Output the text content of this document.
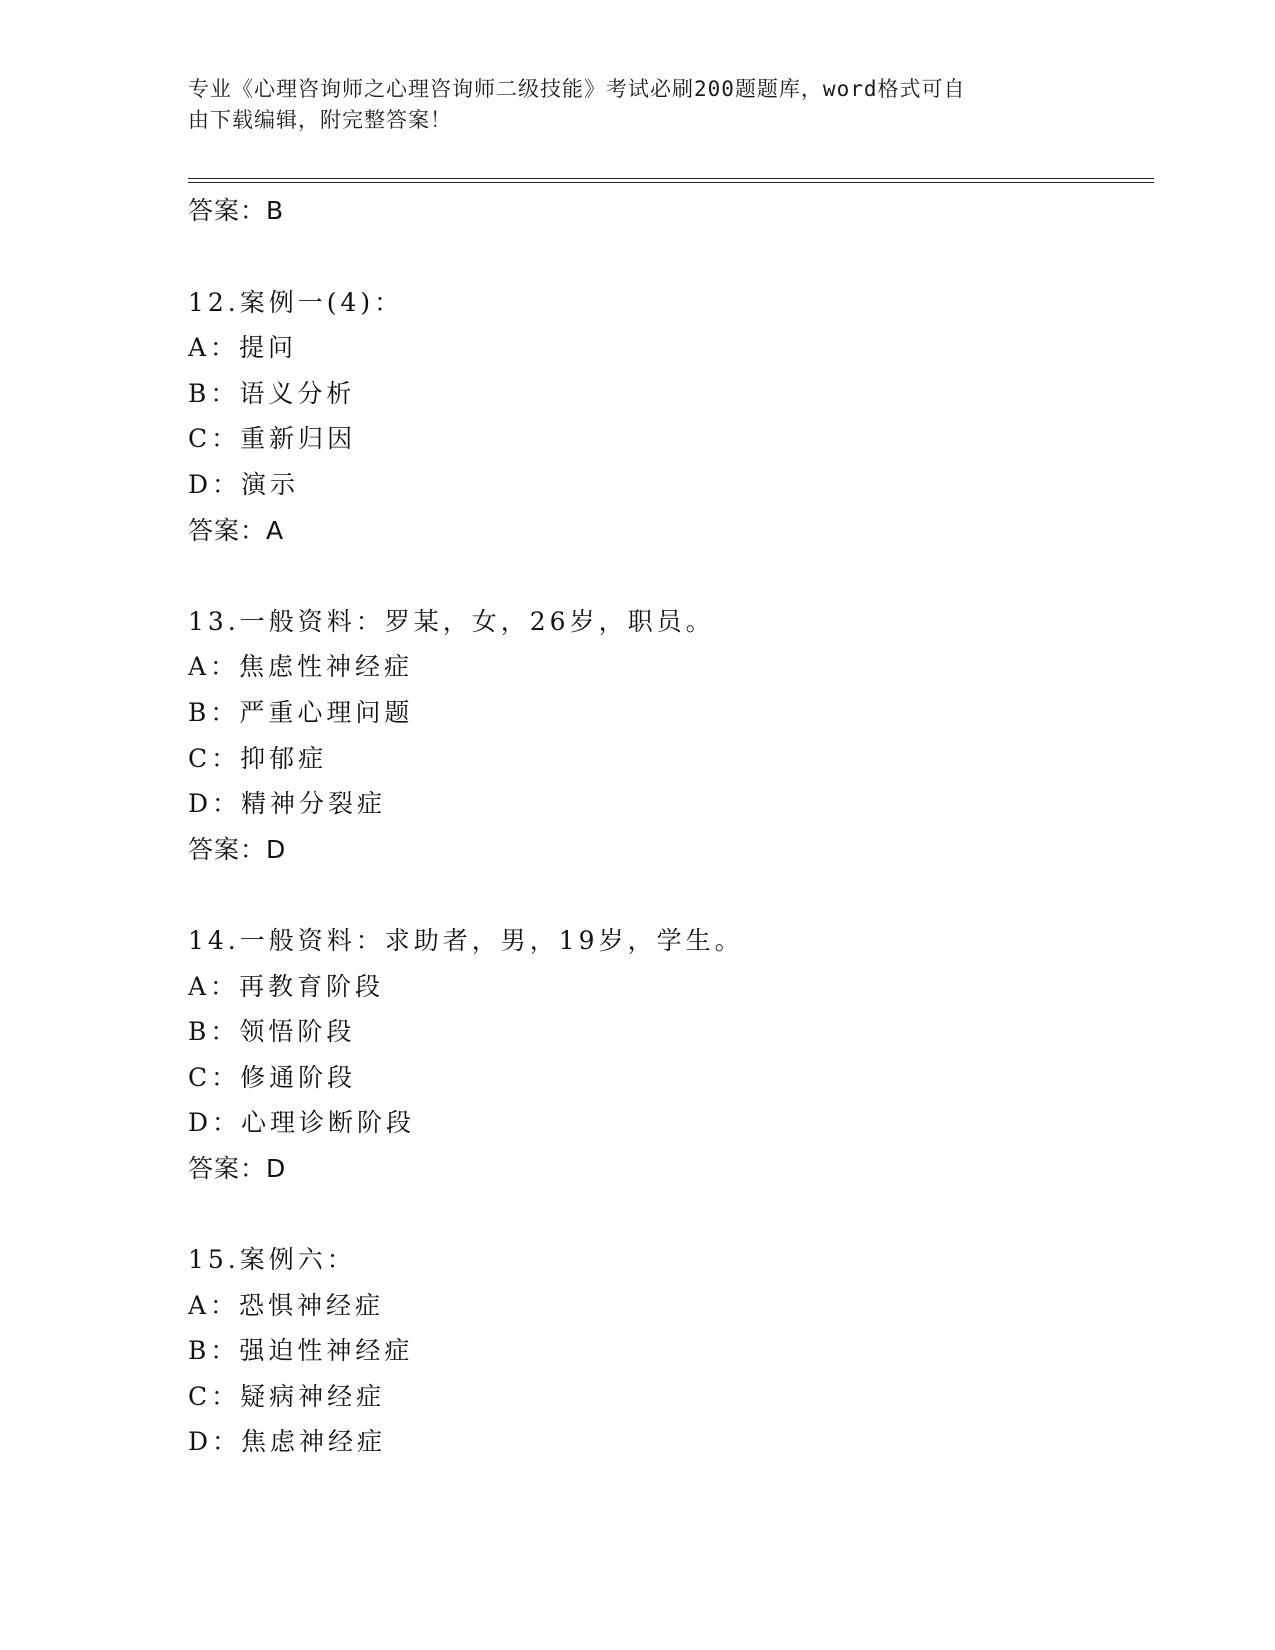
专业《心理咨询师之心理咨询师二级技能》考试必刷200题题库，word格式可自
由下载编辑，附完整答案！
答案：B
12.案例一(4)：
A：提问
B：语义分析
C：重新归因
D：演示
答案：A
13.一般资料：罗某，女，26岁，职员。
A：焦虑性神经症
B：严重心理问题
C：抑郁症
D：精神分裂症
答案：D
14.一般资料：求助者，男，19岁，学生。
A：再教育阶段
B：领悟阶段
C：修通阶段
D：心理诊断阶段
答案：D
15.案例六：
A：恐惧神经症
B：强迫性神经症
C：疑病神经症
D：焦虑神经症
